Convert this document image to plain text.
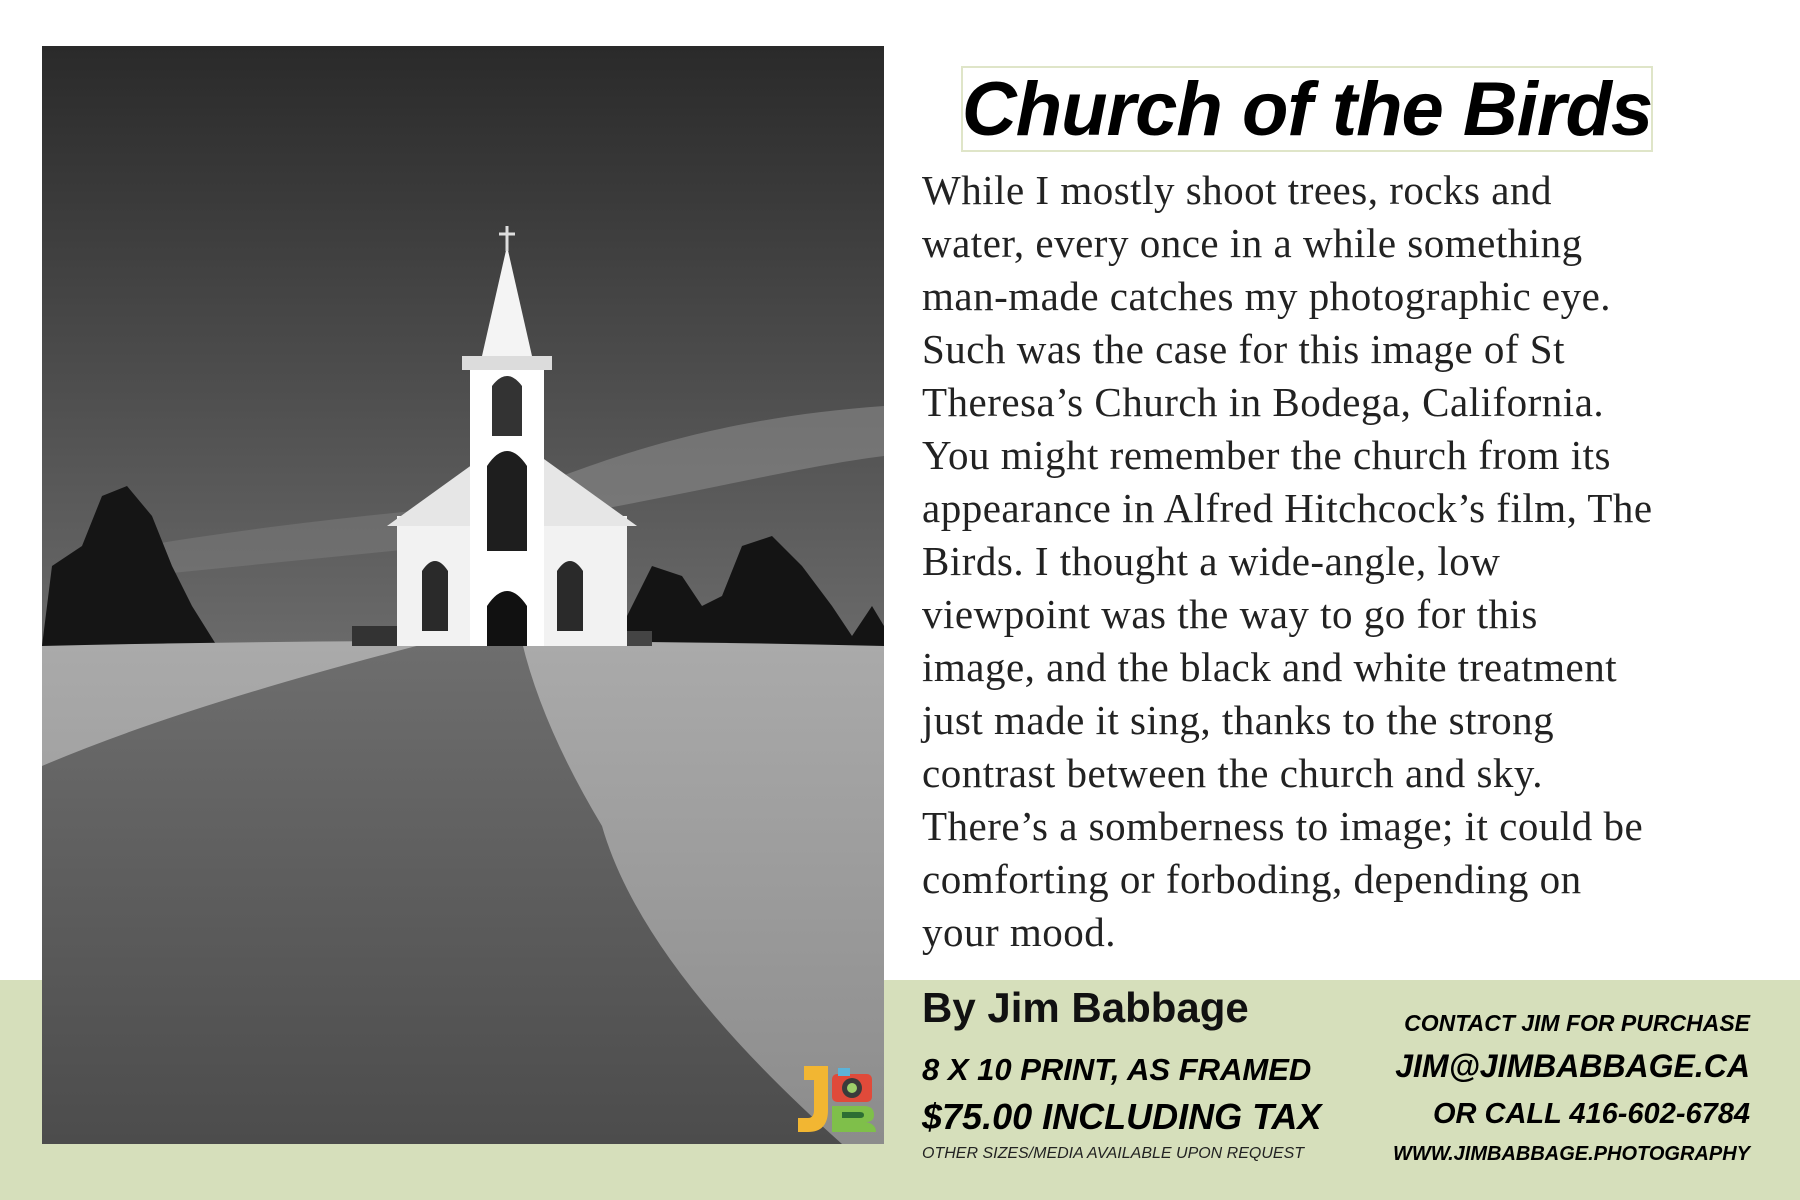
Church of the Birds
While I mostly shoot trees, rocks and
water, every once in a while something
man-made catches my photographic eye.
Such was the case for this image of St
Theresa’s Church in Bodega, California.
You might remember the church from its
appearance in Alfred Hitchcock’s film, The
Birds. I thought a wide-angle, low
viewpoint was the way to go for this
image, and the black and white treatment
just made it sing, thanks to the strong
contrast between the church and sky.
There’s a somberness to image; it could be
comforting or forboding, depending on
your mood.
By Jim Babbage
8 X 10 PRINT, AS FRAMED
$75.00 INCLUDING TAX
OTHER SIZES/MEDIA AVAILABLE UPON REQUEST
CONTACT JIM FOR PURCHASE
JIM@JIMBABBAGE.CA
OR CALL 416-602-6784
WWW.JIMBABBAGE.PHOTOGRAPHY
